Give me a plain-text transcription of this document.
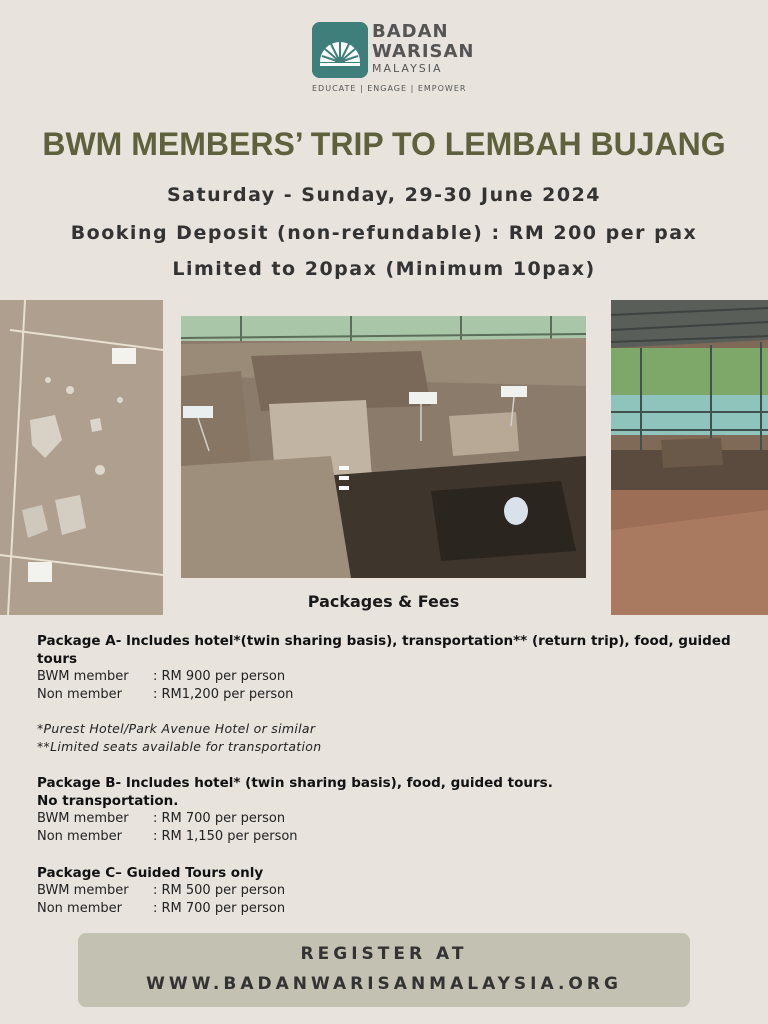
BADAN
WARISAN
MALAYSIA
EDUCATE | ENGAGE | EMPOWER
BWM MEMBERS’ TRIP TO LEMBAH BUJANG
Saturday - Sunday, 29-30 June 2024
Booking Deposit (non-refundable) : RM 200 per pax
Limited to 20pax (Minimum 10pax)
Packages & Fees
Package A- Includes hotel*(twin sharing basis), transportation** (return trip), food, guided tours
BWM member : RM 900 per person
Non member : RM1,200 per person
*Purest Hotel/Park Avenue Hotel or similar
**Limited seats available for transportation
Package B- Includes hotel* (twin sharing basis), food, guided tours.
No transportation.
BWM member : RM 700 per person
Non member : RM 1,150 per person
Package C– Guided Tours only
BWM member : RM 500 per person
Non member : RM 700 per person
REGISTER AT
WWW.BADANWARISANMALAYSIA.ORG
